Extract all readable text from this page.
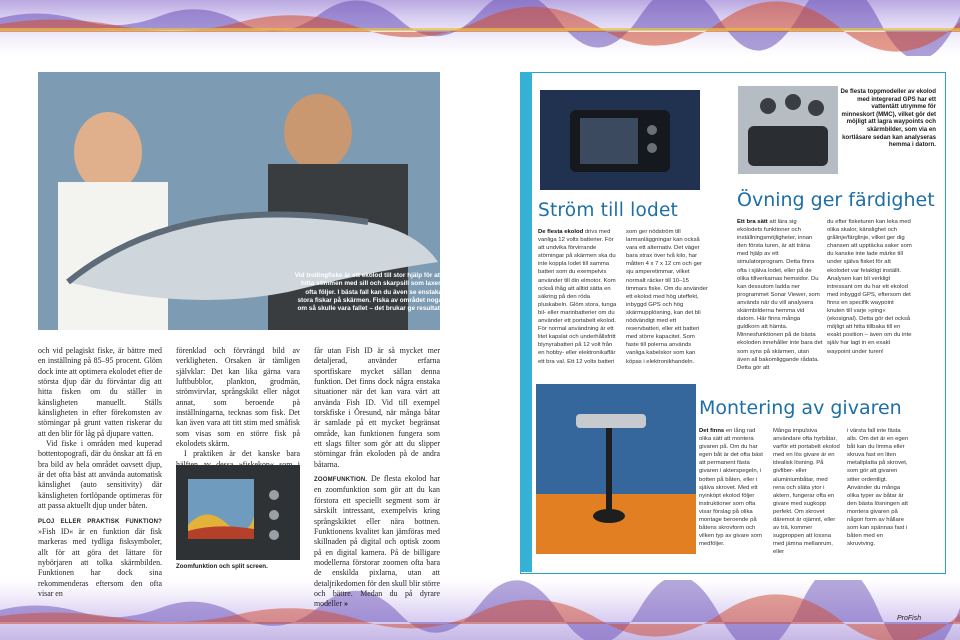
Vid trollingfiske är ett ekolod till stor hjälp för att hitta stimmen med sill och skarpsill som laxen ofta följer. I bästa fall kan du även se enstaka stora fiskar på skärmen. Fiska av området noga om så skulle vara fallet – det brukar ge resultat!

och vid pelagiskt fiske, är bättre med en inställning på 85–95 procent. Glöm dock inte att optimera ekolodet efter de största djup där du förväntar dig att hitta fisken om du ställer in känsligheten manuellt. Ställs känsligheten in efter förekomsten av störningar på grunt vatten riskerar du att den blir för låg på djupare vatten.

Vid fiske i områden med kuperad bottentopografi, där du önskar att få en bra bild av hela området oavsett djup, är det ofta bäst att använda automatisk känslighet (auto sensitivity) där känsligheten fortlöpande optimeras för att passa aktuellt djup under båten.

PLOJ ELLER PRAKTISK FUNKTION? »Fish ID« är en funktion där fisk markeras med tydliga fisksymboler, allt för att göra det lättare för nybörjaren att tolka skärmbilden. Funktionen har dock sina rekommenderas eftersom den ofta visar en

förenklad och förvrängd bild av verkligheten. Orsaken är tämligen självklar: Det kan lika gärna vara luftbubblor, plankton, grodmän, strömvirvlar, språngskikt eller något annat, som beroende på inställningarna, tecknas som fisk. Det kan även vara att titt stim med småfisk som visas som en större fisk på ekolodets skärm.

I praktiken är det kanske bara

Zoomfunktion och split screen.

får utan Fish ID är så mycket mer detaljerad, använder erfarna sportfiskare mycket sällan denna funktion. Det finns dock några enstaka situationer när det kan vara värt att använda Fish ID. Vid till exempel torskfiske i Öresund, när många båtar är samlade på ett mycket begränsat område, kan funktionen fungera som ett slags filter som gör att du slipper störningar från ekoloden på de andra båtarna.

ZOOMFUNKTION. De flesta ekolod har en zoomfunktion som gör att du kan förstora ett speciellt segment som är särskilt intressant, exempelvis kring språngskiktet eller nära bottnen. Funktionens kvalitet kan jämföras med skillnaden på digital och optisk zoom på en digital kamera. På de billigare modellerna förstorar zoomen ofta bara de enskilda pixlarna, utan att detaljrikedomen för den skull blir större och bättre. Medan du på dyrare modeller »

De flesta toppmodeller av ekolod med integrerad GPS har ett vattentätt utrymme för minneskort (MMC), vilket gör det möjligt att lagra waypoints och skärmbilder, som via en kortläsare sedan kan analyseras hemma i datorn.
Ström till lodet

De flesta ekolod drivs med vanliga 12 volts batterier. För att undvika förvirrande störningar på skärmen ska du inte koppla lodet till samma batteri som du exempelvis använder till din elmotor. Kom också ihåg att alltid sätta en säkring på den röda pluskabeln. Glöm stora, tunga bil- eller marinbatterier om du använder ett portabelt ekolod. För normal användning är ett litet kapslat och underhållsfritt blynyrabatteri på 12 volt från en hobby- eller elektronikaffär ett bra val. Ett 12 volts batteri

som ger nödström till larmanläggningar kan också vara ett alternativ. Det väger bara strax över två kilo, har måtten 4 x 7 x 12 cm och ger sju amperetimmar, vilket normalt räcker till 10–15 timmars fiske. Om du använder ett ekolod med hög uteffekt, inbyggd GPS och hög skärmupplösning, kan det bli nödvändigt med ett reservbatteri, eller ett batteri med större kapacitet. Som faste till polerna används vanliga kabelskor som kan köpas i elektronikhandeln.

Övning ger färdighet

Ett bra sätt att lära sig ekolodets funktioner och inställningsmöjligheter, innan den första turen, är att träna med hjälp av ett simulatorprogram. Detta finns ofta i själva lodet, eller på de olika tillverkarnas hemsidor. Du kan dessutom ladda ner programmet Sonar Viewer, som används när du vill analysera skärmbilderna hemma vid datorn. Här finns många guldkorn att hämta. Minnesfunktionen på de bästa ekoloden innehåller inte bara det som syns på skärmen, utan även all bakomliggande rådata. Detta gör att

du efter fisketuren kan leka med olika skalor, känslighet och grålinje/färglinje, vilket ger dig chansen att upptäcka saker som du kanske inte lade märke till under själva fisket för att ekolodet var felaktigt inställt. Analysen kan bli verkligt intressant om du har ett ekolod med inbyggd GPS, eftersom det finns en specifik waypoint knuten till varje »ping« (ekosignal). Detta gör det också möjligt att hitta tillbaka till en exakt position – även om du inte själv har lagt in en exakt waypoint under turen!

Montering av givaren

Det finns en lång rad olika sätt att montera givaren på. Om du har egen båt är det ofta bäst att permanent fästa givaren i akterspegeln, i botten på båten, eller i själva skrovet. Med ett nyinköpt ekolod följer instruktioner som ofta visar förslag på olika montage beroende på båtens skrovform och vilken typ av givare som medföljer.

Många impulsiva användare ofta hyrbåtar, varför ett portabelt ekolod med en lös givare är en idealisk lösning. På givfiber- eller aluminiumbåtar, med rena och släta ytor i aktern, fungerar ofta en givare med sugkopp perfekt. Om skrovet däremot är ojämnt, eller av trä, kommer sugproppen att lossna med jämna mellanrum, eller

i värsta fall inte fästa alls. Om det är en egen båt kan du limma eller skruva fast en liten metallplatta på skrovet, som gör att givaren sitter ordentligt. Använder du många olika typer av båtar är den bästa lösningen att montera givaren på någon form av hållare som kan spännas fast i båten med en skruvtving.

ProFish
